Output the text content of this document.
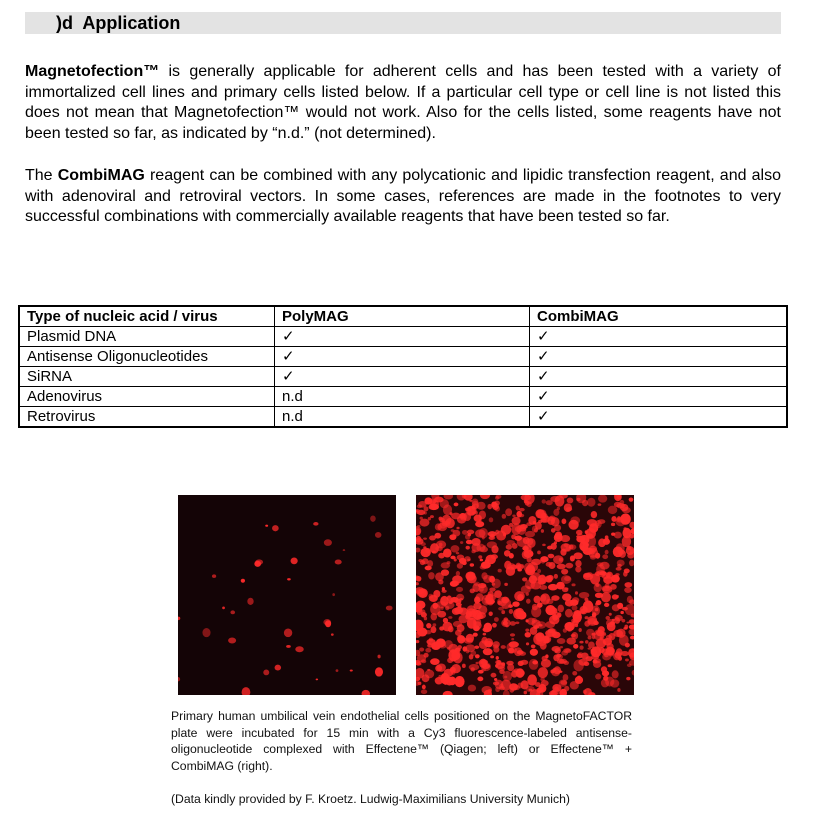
)d  Application

Magnetofection™ is generally applicable for adherent cells and has been tested with a variety of immortalized cell lines and primary cells listed below. If a particular cell type or cell line is not listed this does not mean that Magnetofection™ would not work. Also for the cells listed, some reagents have not been tested so far, as indicated by “n.d.” (not determined).

The CombiMAG reagent can be combined with any polycationic and lipidic transfection reagent, and also with adenoviral and retroviral vectors. In some cases, references are made in the footnotes to very successful combinations with commercially available reagents that have been tested so far.

Type of nucleic acid / virus	PolyMAG	CombiMAG
Plasmid DNA	✓	✓
Antisense Oligonucleotides	✓	✓
SiRNA	✓	✓
Adenovirus	n.d	✓
Retrovirus	n.d	✓

Primary human umbilical vein endothelial cells positioned on the MagnetoFACTOR plate were incubated for 15 min with a Cy3 fluorescence-labeled antisense-oligonucleotide complexed with Effectene™ (Qiagen; left) or Effectene™ + CombiMAG (right).

(Data kindly provided by F. Kroetz. Ludwig-Maximilians University Munich)
